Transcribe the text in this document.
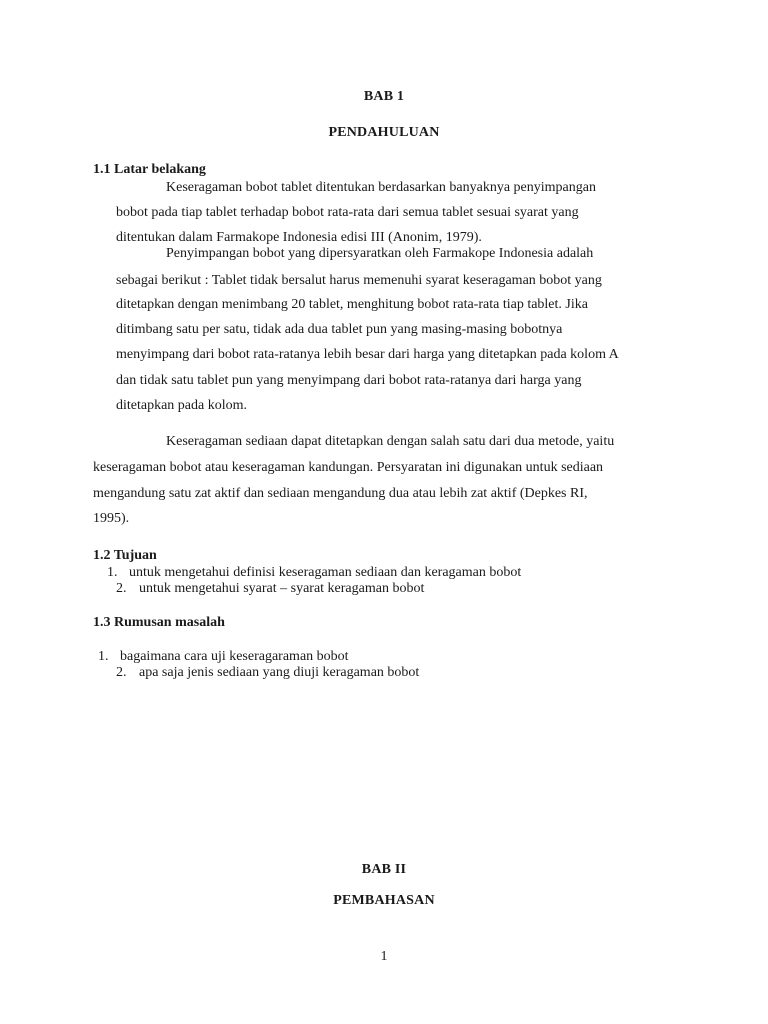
BAB 1
PENDAHULUAN
1.1 Latar belakang
Keseragaman bobot tablet ditentukan berdasarkan banyaknya penyimpangan
bobot pada tiap tablet terhadap bobot rata-rata dari semua tablet sesuai syarat yang
ditentukan dalam Farmakope Indonesia edisi III (Anonim, 1979).
Penyimpangan bobot yang dipersyaratkan oleh Farmakope Indonesia adalah
sebagai berikut : Tablet tidak bersalut harus memenuhi syarat keseragaman bobot yang
ditetapkan dengan menimbang 20 tablet, menghitung bobot rata-rata tiap tablet. Jika
ditimbang satu per satu, tidak ada dua tablet pun yang masing-masing bobotnya
menyimpang dari bobot rata-ratanya lebih besar dari harga yang ditetapkan pada kolom A
dan tidak satu tablet pun yang menyimpang dari bobot rata-ratanya dari harga yang
ditetapkan pada kolom.
Keseragaman sediaan dapat ditetapkan dengan salah satu dari dua metode, yaitu
keseragaman bobot atau keseragaman kandungan. Persyaratan ini digunakan untuk sediaan
mengandung satu zat aktif dan sediaan mengandung dua atau lebih zat aktif (Depkes RI,
1995).
1.2 Tujuan
1. untuk mengetahui definisi keseragaman sediaan dan keragaman bobot
2. untuk mengetahui syarat – syarat keragaman bobot
1.3 Rumusan masalah
1. bagaimana cara uji keseragaraman bobot
2. apa saja jenis sediaan yang diuji keragaman bobot
BAB II
PEMBAHASAN
1
